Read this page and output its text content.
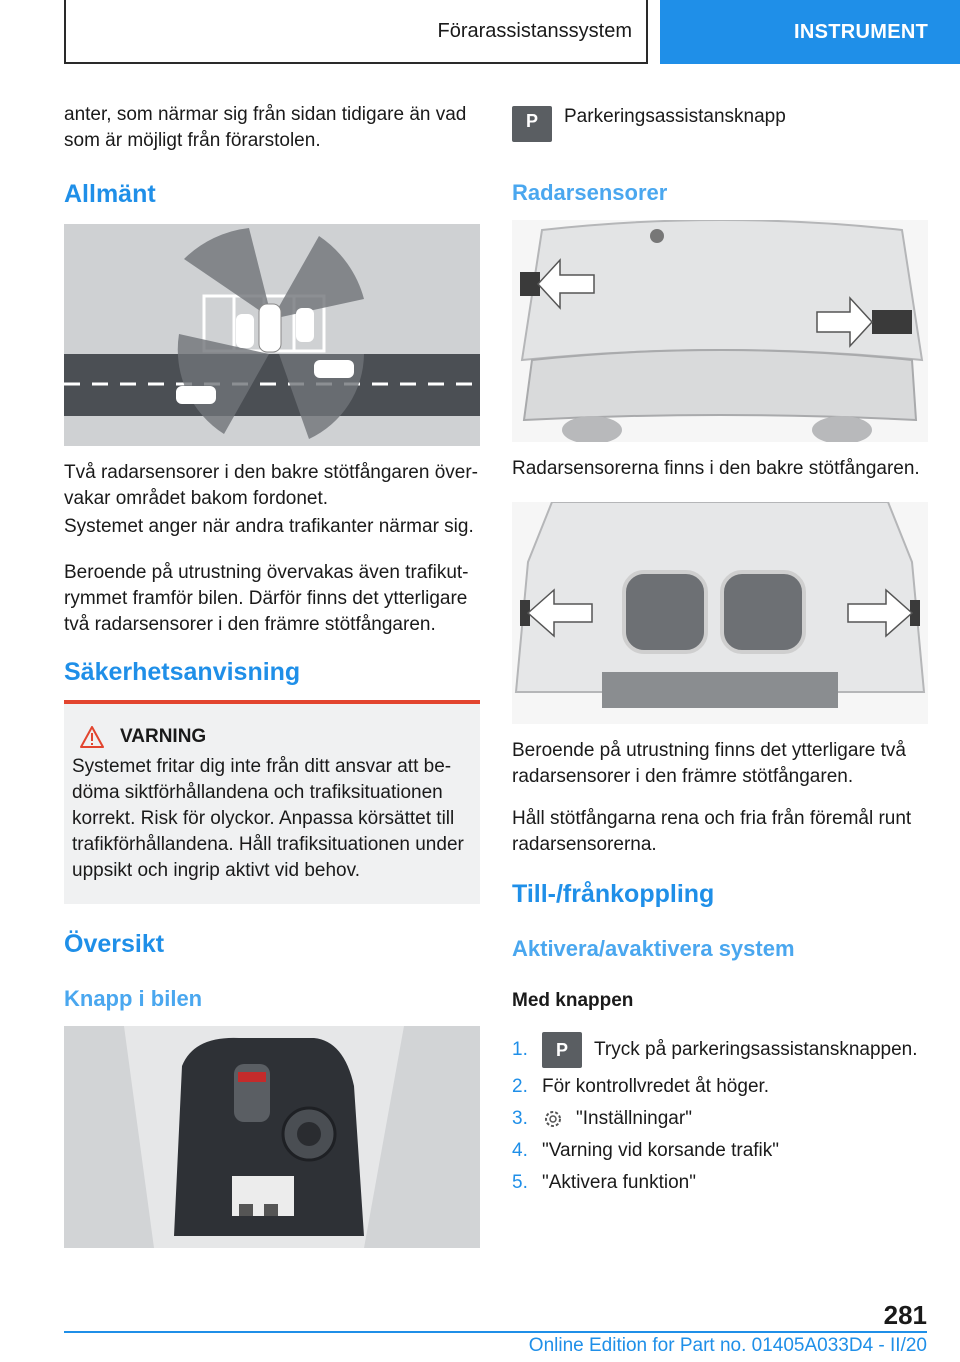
Förarassistanssystem	INSTRUMENT

anter, som närmar sig från sidan tidigare än vad som är möjligt från förarstolen.

Allmänt

Två radarsensorer i den bakre stötfångaren över-vakar området bakom fordonet.

Systemet anger när andra trafikanter närmar sig.

Beroende på utrustning övervakas även trafikut-rymmet framför bilen. Därför finns det ytterligare två radarsensorer i den främre stötfångaren.

Säkerhetsanvisning
VARNING

Systemet fritar dig inte från ditt ansvar att be-döma siktförhållandena och trafiksituationen korrekt. Risk för olyckor. Anpassa körsättet till trafikförhållandena. Håll trafiksituationen under uppsikt och ingrip aktivt vid behov.

Översikt
Knapp i bilen
P	Parkeringsassistansknapp

Radarsensorer

Radarsensorerna finns i den bakre stötfångaren.

Beroende på utrustning finns det ytterligare två radarsensorer i den främre stötfångaren.

Håll stötfångarna rena och fria från föremål runt radarsensorerna.

Till-/frånkoppling
Aktivera/avaktivera system

Med knappen

1.	P	Tryck på parkeringsassistansknappen.
2. För kontrollvredet åt höger.
3.	"Inställningar"
4. "Varning vid korsande trafik"
5. "Aktivera funktion"
281
Online Edition for Part no. 01405A033D4 - II/20
